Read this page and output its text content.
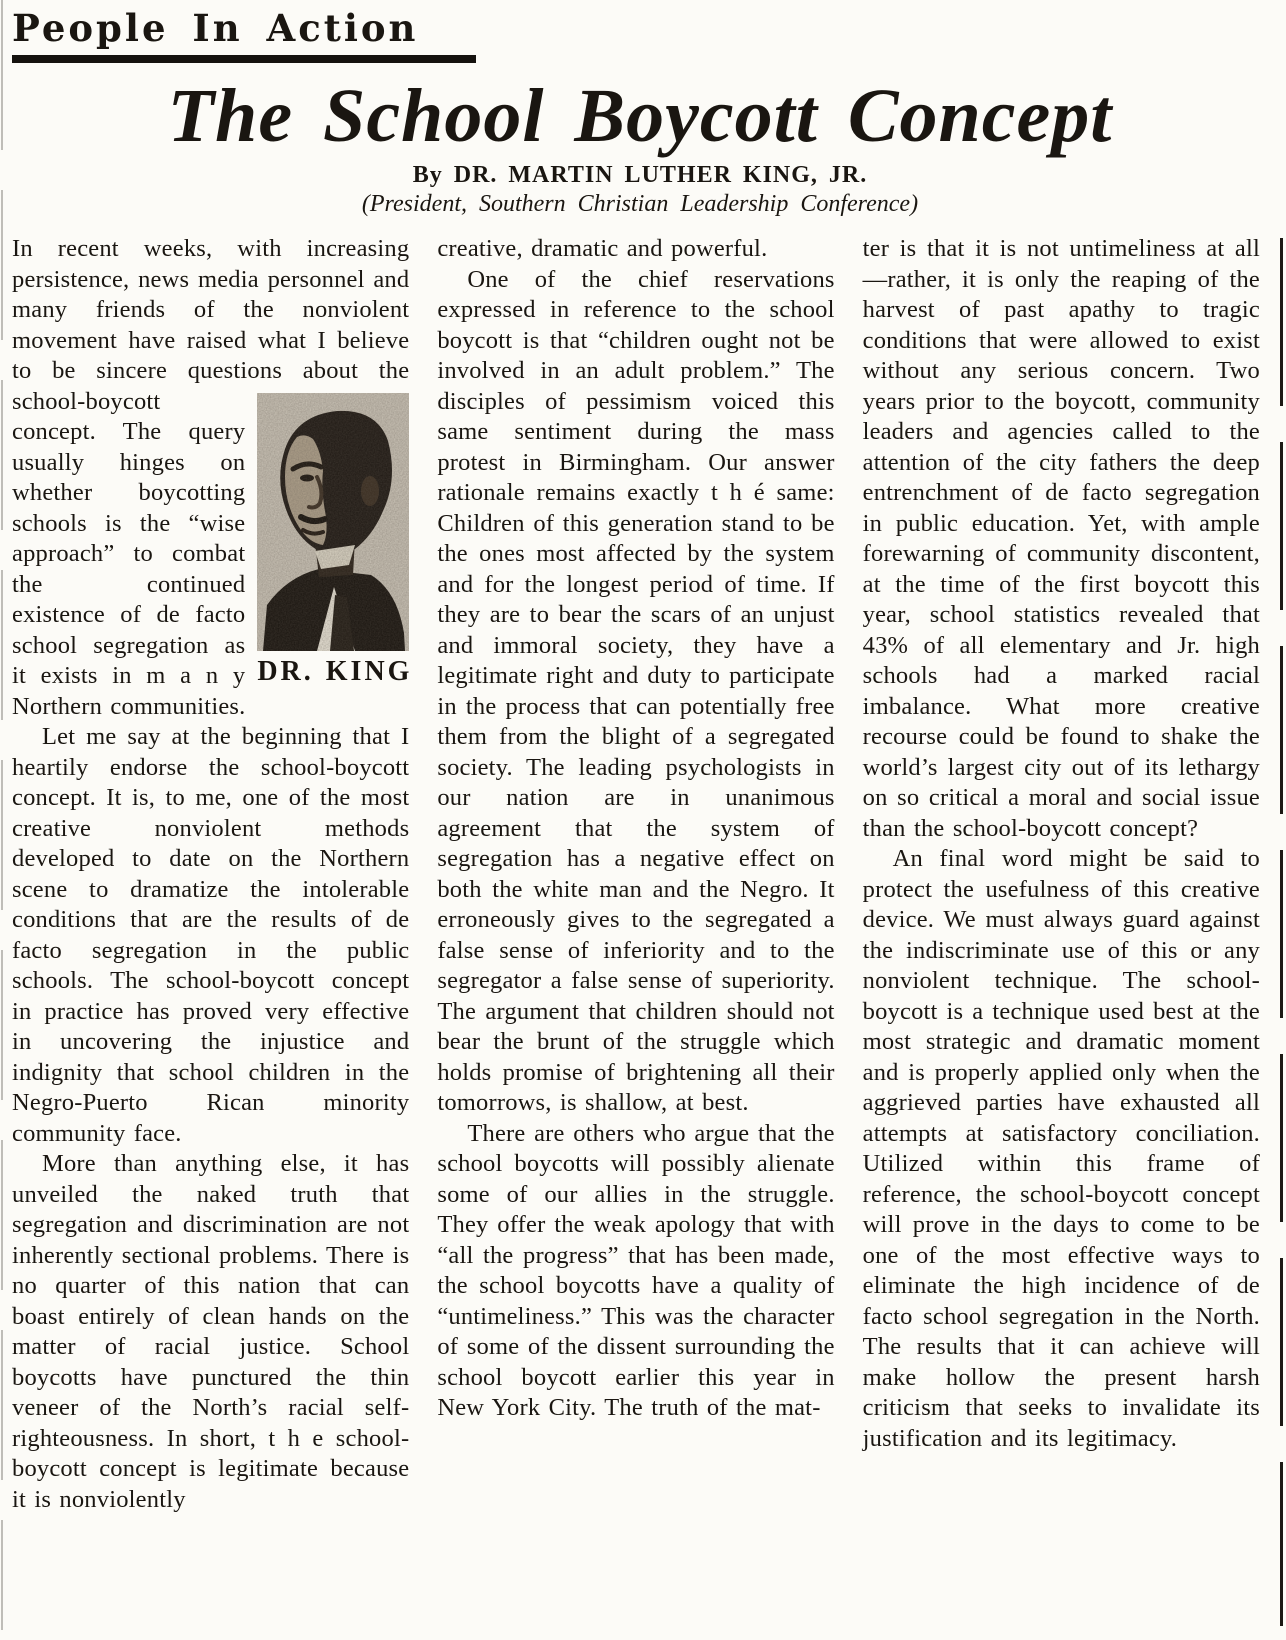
People In Action
The School Boycott Concept
By DR. MARTIN LUTHER KING, JR.
(President, Southern Christian Leadership Conference)

In recent weeks, with increasing persistence, news media personnel and many friends of the nonviolent movement have raised what I believe to be sincere questions about the school-boycott
DR. KING
concept. The query usually hinges on whether boycotting schools is the “wise approach” to combat the continued existence of de facto school segregation as it exists in m a n y Northern communities.

Let me say at the beginning that I heartily endorse the school-boycott concept. It is, to me, one of the most creative nonviolent methods developed to date on the Northern scene to dramatize the intolerable conditions that are the results of de facto segregation in the public schools. The school-boycott concept in practice has proved very effective in uncovering the injustice and indignity that school children in the Negro-Puerto Rican minority community face.

More than anything else, it has unveiled the naked truth that segregation and discrimination are not inherently sectional problems. There is no quarter of this nation that can boast entirely of clean hands on the matter of racial justice. School boycotts have punctured the thin veneer of the North’s racial self-righteousness. In short, t h e school-boycott concept is legitimate because it is nonviolently

creative, dramatic and powerful.

One of the chief reservations expressed in reference to the school boycott is that “children ought not be involved in an adult problem.” The disciples of pessimism voiced this same sentiment during the mass protest in Birmingham. Our answer rationale remains exactly t h é same: Children of this generation stand to be the ones most affected by the system and for the longest period of time. If they are to bear the scars of an unjust and immoral society, they have a legitimate right and duty to participate in the process that can potentially free them from the blight of a segregated society. The leading psychologists in our nation are in unanimous agreement that the system of segregation has a negative effect on both the white man and the Negro. It erroneously gives to the segregated a false sense of inferiority and to the segregator a false sense of superiority. The argument that children should not bear the brunt of the struggle which holds promise of brightening all their tomorrows, is shallow, at best.

There are others who argue that the school boycotts will possibly alienate some of our allies in the struggle. They offer the weak apology that with “all the progress” that has been made, the school boycotts have a quality of “untimeliness.” This was the character of some of the dissent surrounding the school boycott earlier this year in New York City. The truth of the mat-

ter is that it is not untimeliness at all—rather, it is only the reaping of the harvest of past apathy to tragic conditions that were allowed to exist without any serious concern. Two years prior to the boycott, community leaders and agencies called to the attention of the city fathers the deep entrenchment of de facto segregation in public education. Yet, with ample forewarning of community discontent, at the time of the first boycott this year, school statistics revealed that 43% of all elementary and Jr. high schools had a marked racial imbalance. What more creative recourse could be found to shake the world’s largest city out of its lethargy on so critical a moral and social issue than the school-boycott concept?

An final word might be said to protect the usefulness of this creative device. We must always guard against the indiscriminate use of this or any nonviolent technique. The school-boycott is a technique used best at the most strategic and dramatic moment and is properly applied only when the aggrieved parties have exhausted all attempts at satisfactory conciliation. Utilized within this frame of reference, the school-boycott concept will prove in the days to come to be one of the most effective ways to eliminate the high incidence of de facto school segregation in the North. The results that it can achieve will make hollow the present harsh criticism that seeks to invalidate its justification and its legitimacy.
